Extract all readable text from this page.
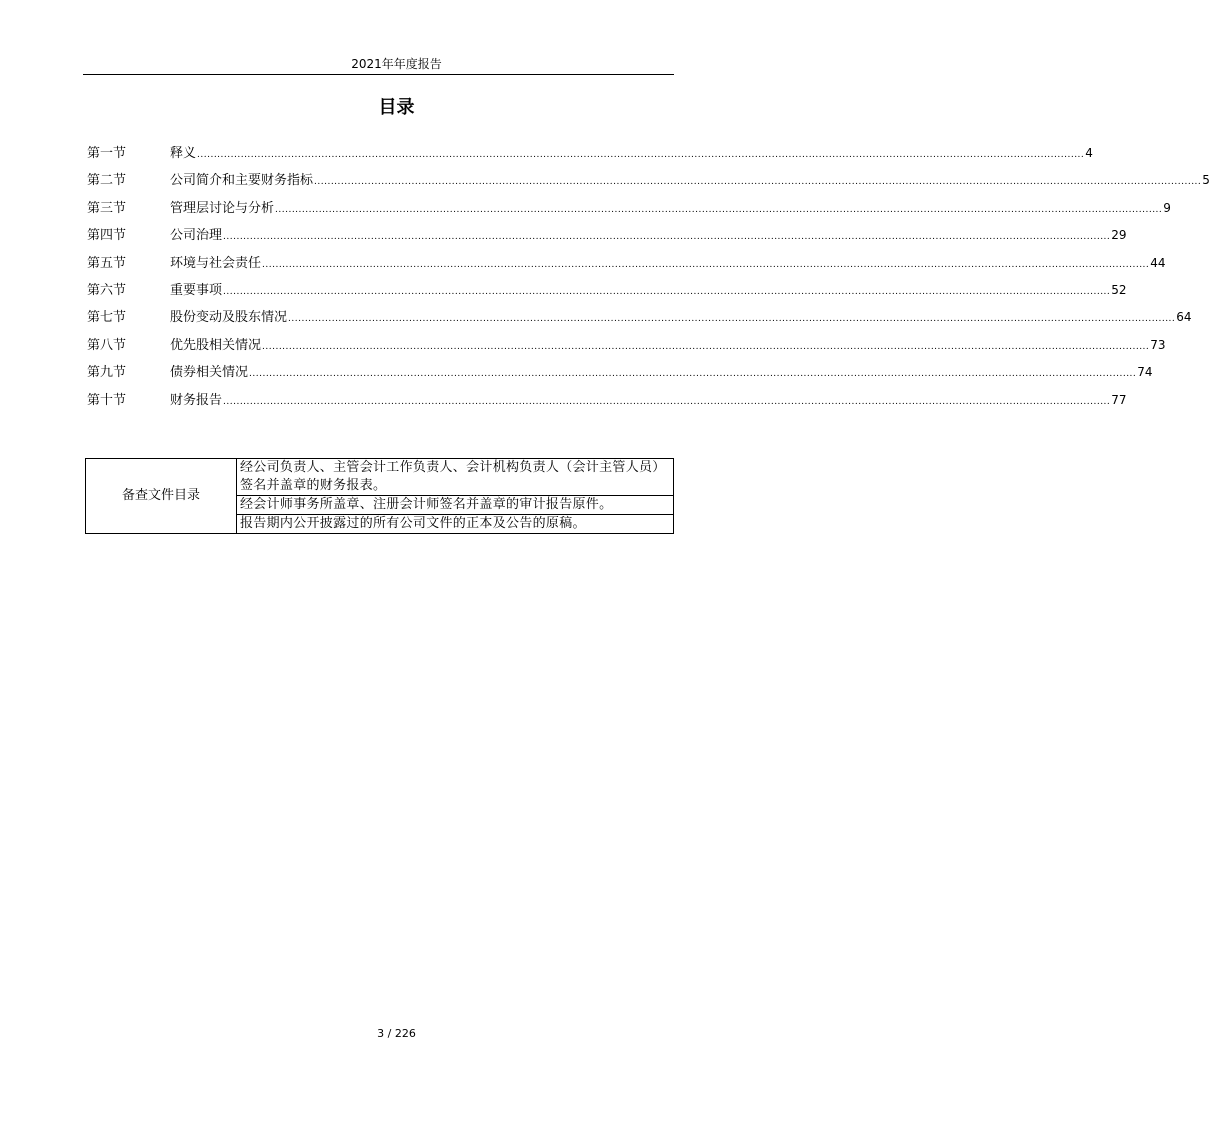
2021年年度报告
目录
第一节	释义 ........................................................................................................................................................................................................................................................................ 4
第二节	公司简介和主要财务指标 ........................................................................................................................................................................................................................................................................ 5
第三节	管理层讨论与分析 ........................................................................................................................................................................................................................................................................ 9
第四节	公司治理 ........................................................................................................................................................................................................................................................................ 29
第五节	环境与社会责任 ........................................................................................................................................................................................................................................................................ 44
第六节	重要事项 ........................................................................................................................................................................................................................................................................ 52
第七节	股份变动及股东情况 ........................................................................................................................................................................................................................................................................ 64
第八节	优先股相关情况 ........................................................................................................................................................................................................................................................................ 73
第九节	债券相关情况 ........................................................................................................................................................................................................................................................................ 74
第十节	财务报告 ........................................................................................................................................................................................................................................................................ 77
备查文件目录	经公司负责人、主管会计工作负责人、会计机构负责人（会计主管人员）签名并盖章的财务报表。
经会计师事务所盖章、注册会计师签名并盖章的审计报告原件。
报告期内公开披露过的所有公司文件的正本及公告的原稿。
3 / 226
